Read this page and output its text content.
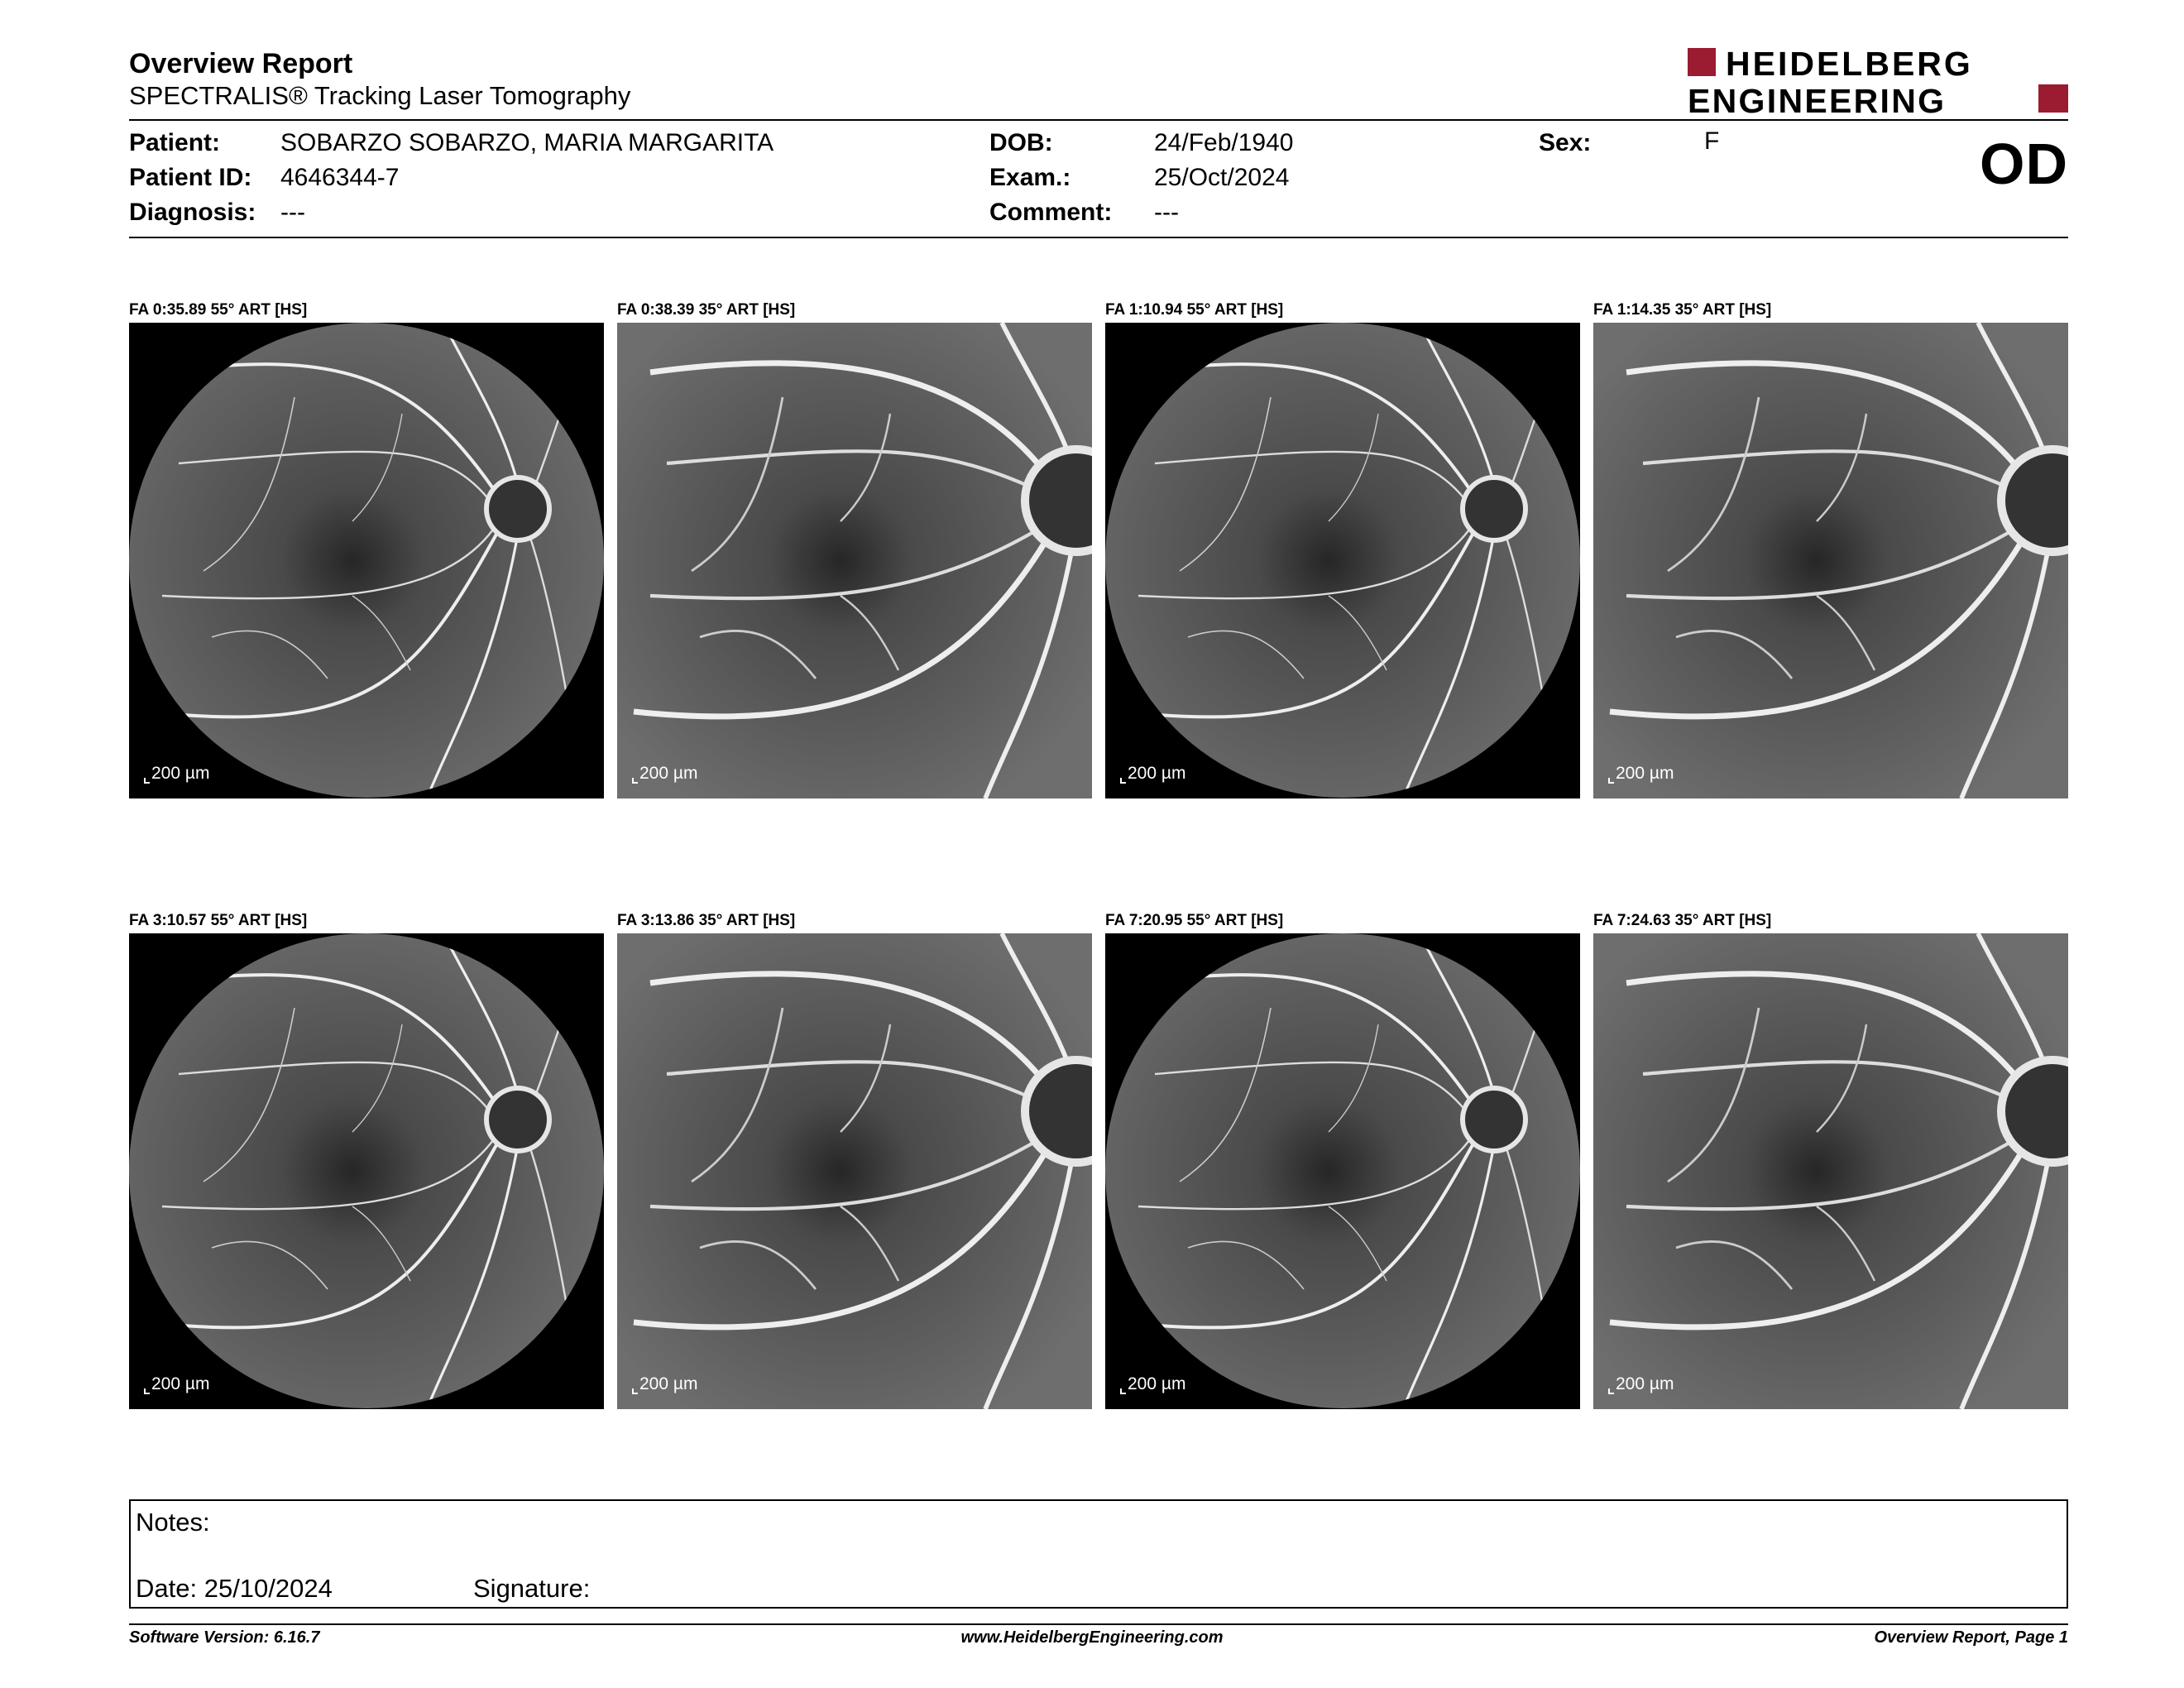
Overview Report
SPECTRALIS® Tracking Laser Tomography
HEIDELBERG
ENGINEERING
Patient: SOBARZO SOBARZO, MARIA MARGARITA
Patient ID: 4646344-7
Diagnosis: ---
DOB:	24/Feb/1940
Exam.:	25/Oct/2024
Comment: ---
Sex:	F	OD
FA 0:35.89 55° ART [HS]
200 µm
FA 0:38.39 35° ART [HS]
200 µm
FA 1:10.94 55° ART [HS]
200 µm
FA 1:14.35 35° ART [HS]
200 µm
FA 3:10.57 55° ART [HS]
200 µm
FA 3:13.86 35° ART [HS]
200 µm
FA 7:20.95 55° ART [HS]
200 µm
FA 7:24.63 35° ART [HS]
200 µm
Notes:
Date: 25/10/2024	Signature:
Software Version: 6.16.7	www.HeidelbergEngineering.com	Overview Report, Page 1
